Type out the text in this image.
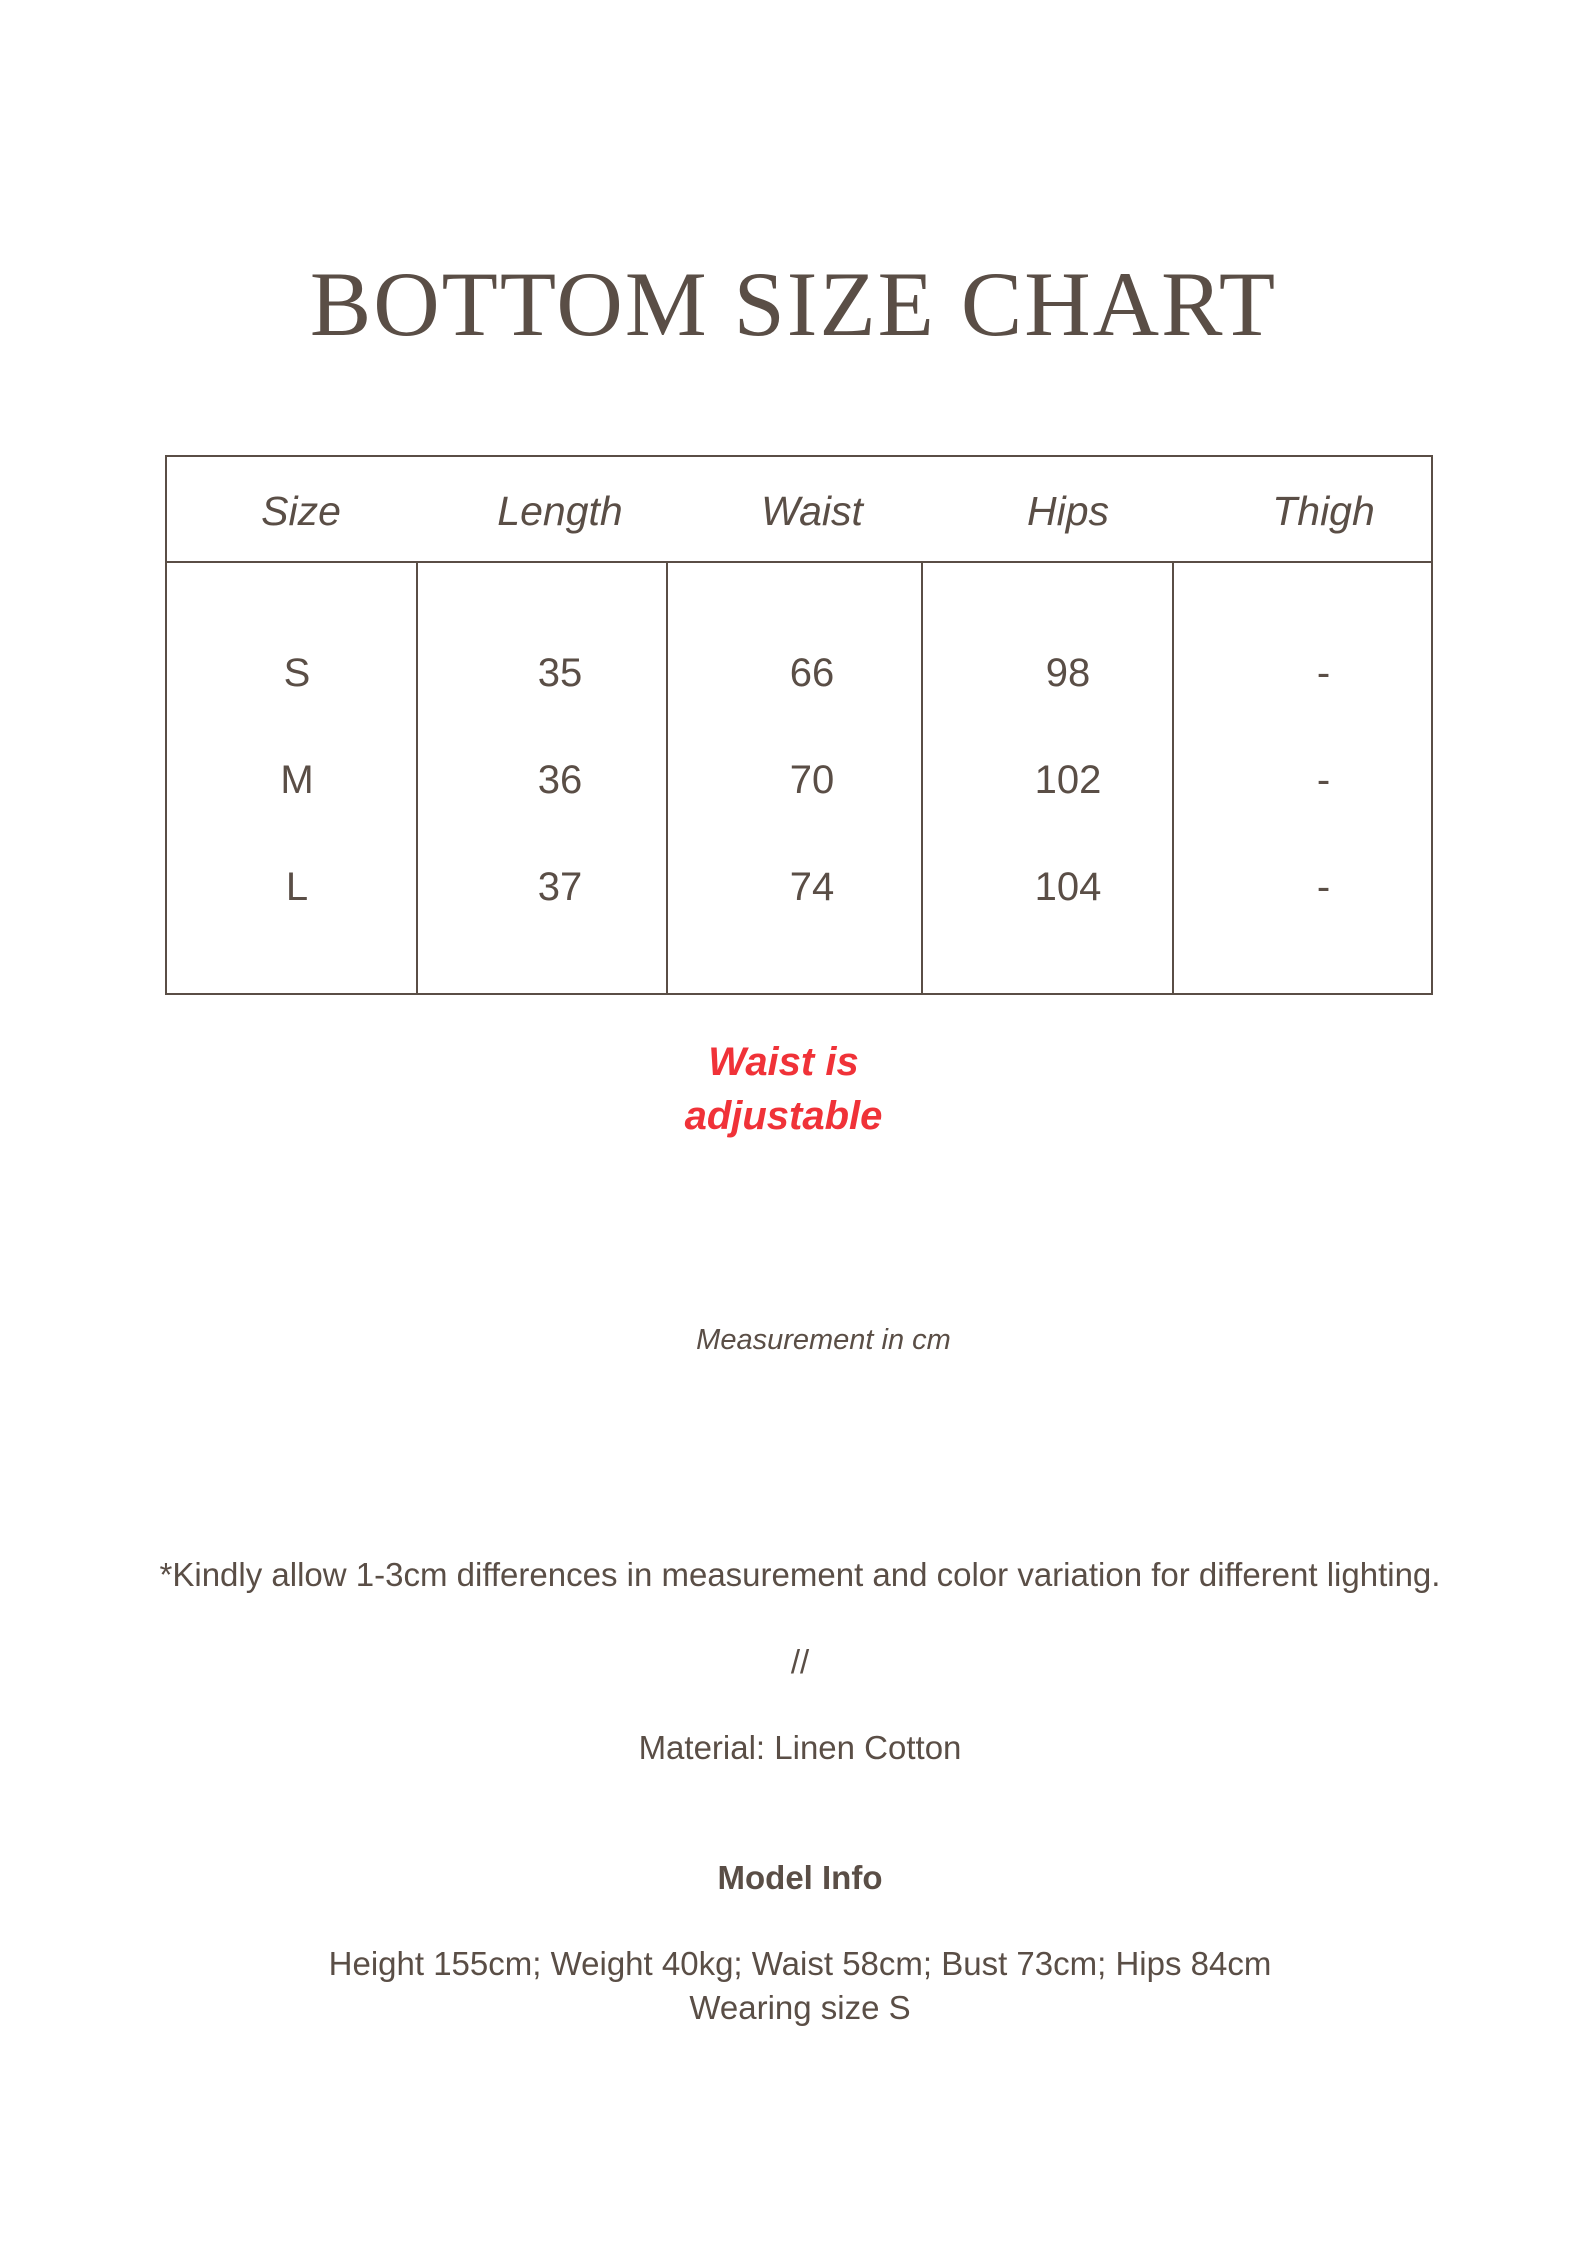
BOTTOM SIZE CHART
Size	Length	Waist	Hips	Thigh
S	35	66	98	-
M	36	70	102	-
L	37	74	104	-
Waist is
adjustable
Measurement in cm
*Kindly allow 1-3cm differences in measurement and color variation for different lighting.
//
Material: Linen Cotton
Model Info
Height 155cm; Weight 40kg; Waist 58cm; Bust 73cm; Hips 84cm
Wearing size S
